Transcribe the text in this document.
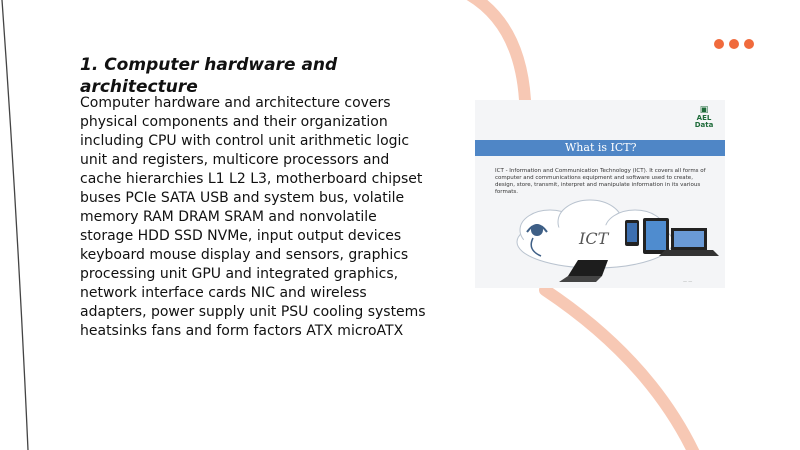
1. Computer hardware and architecture
Computer hardware and architecture covers physical components and their organization including CPU with control unit arithmetic logic unit and registers, multicore processors and cache hierarchies L1 L2 L3, motherboard chipset buses PCIe SATA USB and system bus, volatile memory RAM DRAM SRAM and nonvolatile storage HDD SSD NVMe, input output devices keyboard mouse display and sensors, graphics processing unit GPU and integrated graphics, network interface cards NIC and wireless adapters, power supply unit PSU cooling systems heatsinks fans and form factors ATX microATX
▣
AEL
Data
What is ICT?
ICT - Information and Communication Technology (ICT). It covers all forms of computer and communications equipment and software used to create, design, store, transmit, interpret and manipulate information in its various formats.
ICT
— —
